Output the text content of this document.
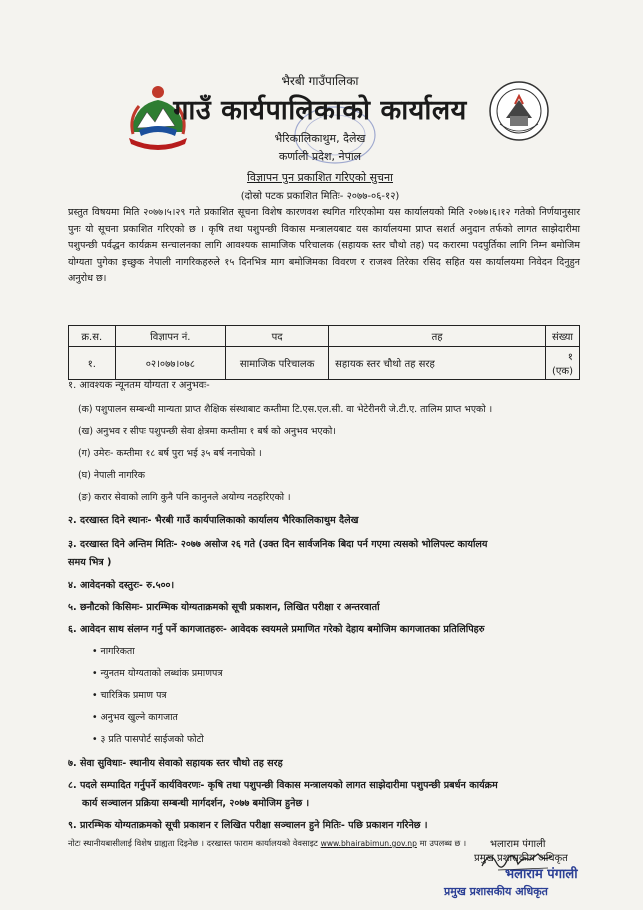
भैरबी गाउँपालिका
गाउँ कार्यपालिकाको कार्यालय
भैरिकालिकाथुम, दैलेख
कर्णाली प्रदेश, नेपाल
विज्ञापन पुन प्रकाशित गरिएको सुचना
(दोस्रो पटक प्रकाशित मितिः- २०७७-०६-१२)
प्रस्तुत विषयमा मिति २०७७।५।२९ गते प्रकाशित सूचना विशेष कारणवश स्थगित गरिएकोमा यस कार्यालयको मिति २०७७।६।१२ गतेको निर्णयानुसार पुनः यो सूचना प्रकाशित गरिएको छ । कृषि तथा पशुपन्छी विकास मन्त्रालयबाट यस कार्यालयमा प्राप्त सशर्त अनुदान तर्फको लागत साझेदारीमा पशुपन्छी पर्वद्धन कार्यक्रम सन्चालनका लागि आवश्यक सामाजिक परिचालक (सहायक स्तर चौथो तह) पद करारमा पदपुर्तिका लागि निम्न बमोजिम योग्यता पुगेका इच्छुक नेपाली नागरिकहरुले १५ दिनभित्र माग बमोजिमका विवरण र राजश्व तिरेका रसिद सहित यस कार्यालयमा निवेदन दिनुहुन अनुरोध छ।
क्र.स.	विज्ञापन नं.	पद	तह	संख्या
१.	०२।०७७।०७८	सामाजिक परिचालक	सहायक स्तर चौथो तह सरह	१ (एक)
१. आवश्यक न्यूनतम योग्यता र अनुभवः-
(क) पशुपालन सम्बन्धी मान्यता प्राप्त शैक्षिक संस्थाबाट कम्तीमा टि.एस.एल.सी. वा भेटेरीनरी जे.टी.ए. तालिम प्राप्त भएको ।
(ख) अनुभव र सीपः पशुपन्छी सेवा क्षेत्रमा कम्तीमा १ बर्ष को अनुभव भएको।
(ग) उमेरः- कम्तीमा १८ बर्ष पुरा भई ३५ बर्ष ननाघेको ।
(घ) नेपाली नागरिक
(ङ) करार सेवाको लागि कुनै पनि कानुनले अयोग्य नठहरिएको ।
२. दरखास्त दिने स्थानः- भैरबी गाउँ कार्यपालिकाको कार्यालय भैरिकालिकाथुम दैलेख
३. दरखास्त दिने अन्तिम मितिः- २०७७ असोज २६ गते (उक्त दिन सार्वजनिक बिदा पर्न गएमा त्यसको भोलिपल्ट कार्यालय
समय भित्र )
४. आवेदनको दस्तुरः- रु.५००।
५. छनौटको किसिमः- प्रारम्भिक योग्यताक्रमको सूची प्रकाशन, लिखित परीक्षा र अन्तरवार्ता
६. आवेदन साथ संलग्न गर्नु पर्ने कागजातहरुः- आवेदक स्वयमले प्रमाणित गरेको देहाय बमोजिम कागजातका प्रतिलिपिहरु
• नागरिकता
• न्युनतम योग्यताको लब्धांक प्रमाणपत्र
• चारित्रिक प्रमाण पत्र
• अनुभव खुल्ने कागजात
• ३ प्रति पासपोर्ट साईजको फोटो
७. सेवा सुविधाः- स्थानीय सेवाको सहायक स्तर चौथो तह सरह
८. पदले सम्पादित गर्नुपर्ने कार्यविवरणः- कृषि तथा पशुपन्छी विकास मन्त्रालयको लागत साझेदारीमा पशुपन्छी प्रबर्धन कार्यक्रम
कार्य सञ्चालन प्रक्रिया सम्बन्धी मार्गदर्शन, २०७७ बमोजिम हुनेछ ।
९. प्रारम्भिक योग्यताक्रमको सूची प्रकाशन र लिखित परीक्षा सञ्चालन हुने मितिः- पछि प्रकाशन गरिनेछ ।
नोटः स्थानीयबासीलाई विशेष ग्राह्यता दिइनेछ । दरखास्त फाराम कार्यालयको वेवसाइट www.bhairabimun.gov.np मा उपलब्ध छ । भलाराम पंगाली
प्रमुख प्रशासकीय अधिकृत
भलाराम पंगाली
प्रमुख प्रशासकीय अधिकृत
